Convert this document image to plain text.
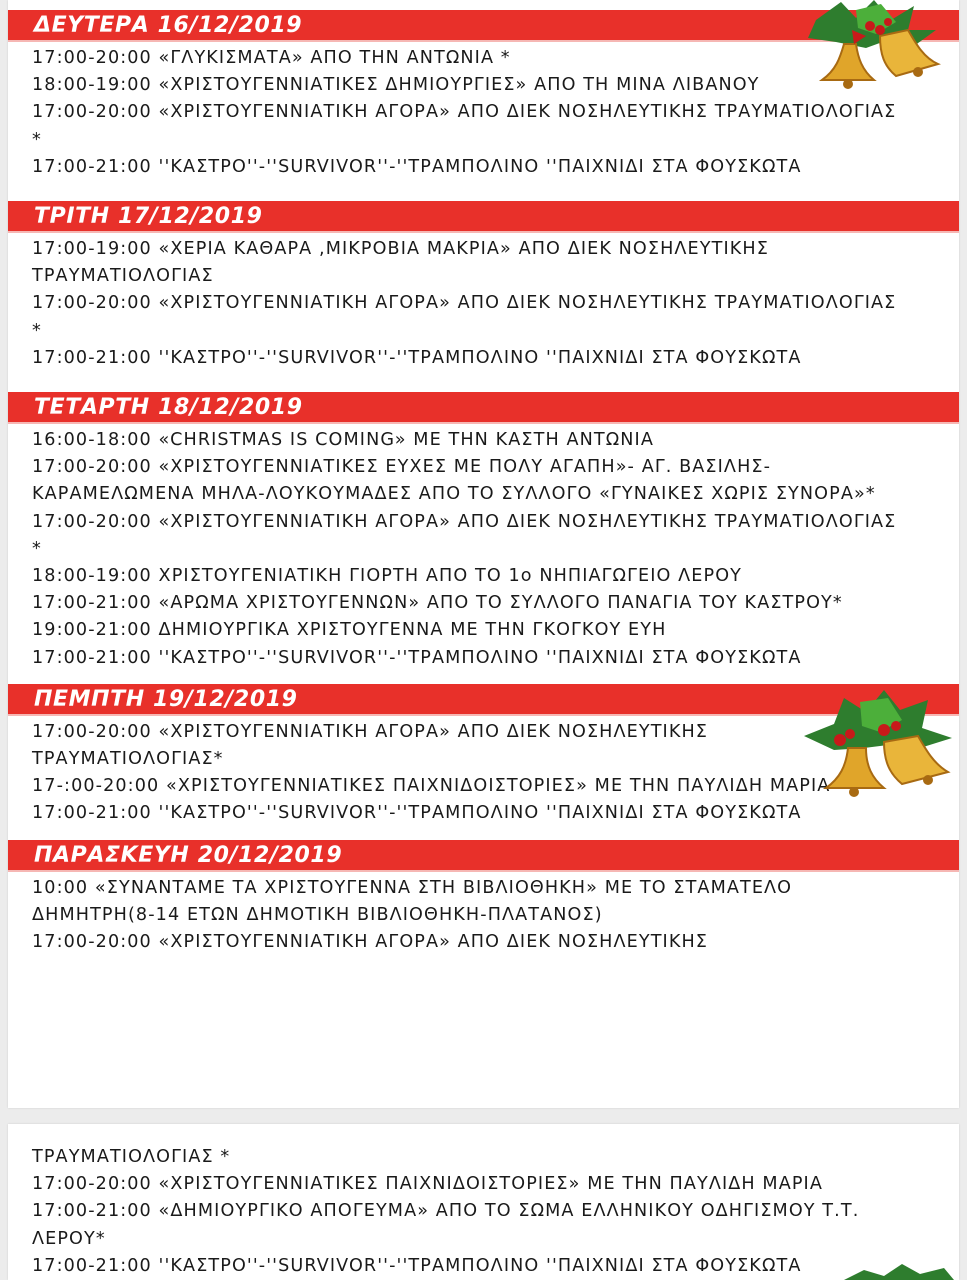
ΔΕΥΤΕΡΑ 16/12/2019
17:00-20:00 «ΓΛΥΚΙΣΜΑΤΑ» ΑΠΟ ΤΗΝ ΑΝΤΩΝΙΑ *
18:00-19:00 «ΧΡΙΣΤΟΥΓΕΝΝΙΑΤΙΚΕΣ ΔΗΜΙΟΥΡΓΙΕΣ» ΑΠΟ ΤΗ ΜΙΝΑ ΛΙΒΑΝΟΥ
17:00-20:00 «ΧΡΙΣΤΟΥΓΕΝΝΙΑΤΙΚΗ ΑΓΟΡΑ» ΑΠΟ ΔΙΕΚ ΝΟΣΗΛΕΥΤΙΚΗΣ ΤΡΑΥΜΑΤΙΟΛΟΓΙΑΣ *
17:00-21:00 ''ΚΑΣΤΡΟ''-''SURVIVOR''-''ΤΡΑΜΠΟΛΙΝΟ ''ΠΑΙΧΝΙΔΙ ΣΤΑ ΦΟΥΣΚΩΤΑ
ΤΡΙΤΗ 17/12/2019
17:00-19:00 «ΧΕΡΙΑ ΚΑΘΑΡΑ ,ΜΙΚΡΟΒΙΑ ΜΑΚΡΙΑ» ΑΠΟ ΔΙΕΚ ΝΟΣΗΛΕΥΤΙΚΗΣ ΤΡΑΥΜΑΤΙΟΛΟΓΙΑΣ
17:00-20:00 «ΧΡΙΣΤΟΥΓΕΝΝΙΑΤΙΚΗ ΑΓΟΡΑ» ΑΠΟ ΔΙΕΚ ΝΟΣΗΛΕΥΤΙΚΗΣ ΤΡΑΥΜΑΤΙΟΛΟΓΙΑΣ *
17:00-21:00 ''ΚΑΣΤΡΟ''-''SURVIVOR''-''ΤΡΑΜΠΟΛΙΝΟ ''ΠΑΙΧΝΙΔΙ ΣΤΑ ΦΟΥΣΚΩΤΑ
ΤΕΤΑΡΤΗ 18/12/2019
16:00-18:00 «CHRISTMAS IS COMING» ΜΕ ΤΗΝ ΚΑΣΤΗ ΑΝΤΩΝΙΑ
17:00-20:00 «ΧΡΙΣΤΟΥΓΕΝΝΙΑΤΙΚΕΣ ΕΥΧΕΣ ΜΕ ΠΟΛΥ ΑΓΑΠΗ»- ΑΓ. ΒΑΣΙΛΗΣ-ΚΑΡΑΜΕΛΩΜΕΝΑ ΜΗΛΑ-ΛΟΥΚΟΥΜΑΔΕΣ ΑΠΟ ΤΟ ΣΥΛΛΟΓΟ «ΓΥΝΑΙΚΕΣ ΧΩΡΙΣ ΣΥΝΟΡΑ»*
17:00-20:00 «ΧΡΙΣΤΟΥΓΕΝΝΙΑΤΙΚΗ ΑΓΟΡΑ» ΑΠΟ ΔΙΕΚ ΝΟΣΗΛΕΥΤΙΚΗΣ ΤΡΑΥΜΑΤΙΟΛΟΓΙΑΣ *
18:00-19:00 ΧΡΙΣΤΟΥΓΕΝΙΑΤΙΚΗ ΓΙΟΡΤΗ ΑΠΟ ΤΟ 1ο ΝΗΠΙΑΓΩΓΕΙΟ ΛΕΡΟΥ
17:00-21:00 «ΑΡΩΜΑ ΧΡΙΣΤΟΥΓΕΝΝΩΝ» ΑΠΟ ΤΟ ΣΥΛΛΟΓΟ ΠΑΝΑΓΙΑ ΤΟΥ ΚΑΣΤΡΟΥ*
19:00-21:00 ΔΗΜΙΟΥΡΓΙΚΑ ΧΡΙΣΤΟΥΓΕΝΝΑ ΜΕ ΤΗΝ ΓΚΟΓΚΟΥ ΕΥΗ
17:00-21:00 ''ΚΑΣΤΡΟ''-''SURVIVOR''-''ΤΡΑΜΠΟΛΙΝΟ ''ΠΑΙΧΝΙΔΙ ΣΤΑ ΦΟΥΣΚΩΤΑ
ΠΕΜΠΤΗ 19/12/2019
17:00-20:00 «ΧΡΙΣΤΟΥΓΕΝΝΙΑΤΙΚΗ ΑΓΟΡΑ» ΑΠΟ ΔΙΕΚ ΝΟΣΗΛΕΥΤΙΚΗΣ ΤΡΑΥΜΑΤΙΟΛΟΓΙΑΣ*
17-:00-20:00 «ΧΡΙΣΤΟΥΓΕΝΝΙΑΤΙΚΕΣ ΠΑΙΧΝΙΔΟΙΣΤΟΡΙΕΣ» ΜΕ ΤΗΝ ΠΑΥΛΙΔΗ ΜΑΡΙΑ
17:00-21:00 ''ΚΑΣΤΡΟ''-''SURVIVOR''-''ΤΡΑΜΠΟΛΙΝΟ ''ΠΑΙΧΝΙΔΙ ΣΤΑ ΦΟΥΣΚΩΤΑ
ΠΑΡΑΣΚΕΥΗ 20/12/2019
10:00 «ΣΥΝΑΝΤΑΜΕ ΤΑ ΧΡΙΣΤΟΥΓΕΝΝΑ ΣΤΗ ΒΙΒΛΙΟΘΗΚΗ» ΜΕ ΤΟ ΣΤΑΜΑΤΕΛΟ ΔΗΜΗΤΡΗ(8-14 ΕΤΩΝ ΔΗΜΟΤΙΚΗ ΒΙΒΛΙΟΘΗΚΗ-ΠΛΑΤΑΝΟΣ)
17:00-20:00 «ΧΡΙΣΤΟΥΓΕΝΝΙΑΤΙΚΗ ΑΓΟΡΑ» ΑΠΟ ΔΙΕΚ ΝΟΣΗΛΕΥΤΙΚΗΣ
ΤΡΑΥΜΑΤΙΟΛΟΓΙΑΣ *
17:00-20:00 «ΧΡΙΣΤΟΥΓΕΝΝΙΑΤΙΚΕΣ ΠΑΙΧΝΙΔΟΙΣΤΟΡΙΕΣ» ΜΕ ΤΗΝ ΠΑΥΛΙΔΗ ΜΑΡΙΑ
17:00-21:00 «ΔΗΜΙΟΥΡΓΙΚΟ ΑΠΟΓΕΥΜΑ» ΑΠΟ ΤΟ ΣΩΜΑ ΕΛΛΗΝΙΚΟΥ ΟΔΗΓΙΣΜΟΥ Τ.Τ. ΛΕΡΟΥ*
17:00-21:00 ''ΚΑΣΤΡΟ''-''SURVIVOR''-''ΤΡΑΜΠΟΛΙΝΟ ''ΠΑΙΧΝΙΔΙ ΣΤΑ ΦΟΥΣΚΩΤΑ
